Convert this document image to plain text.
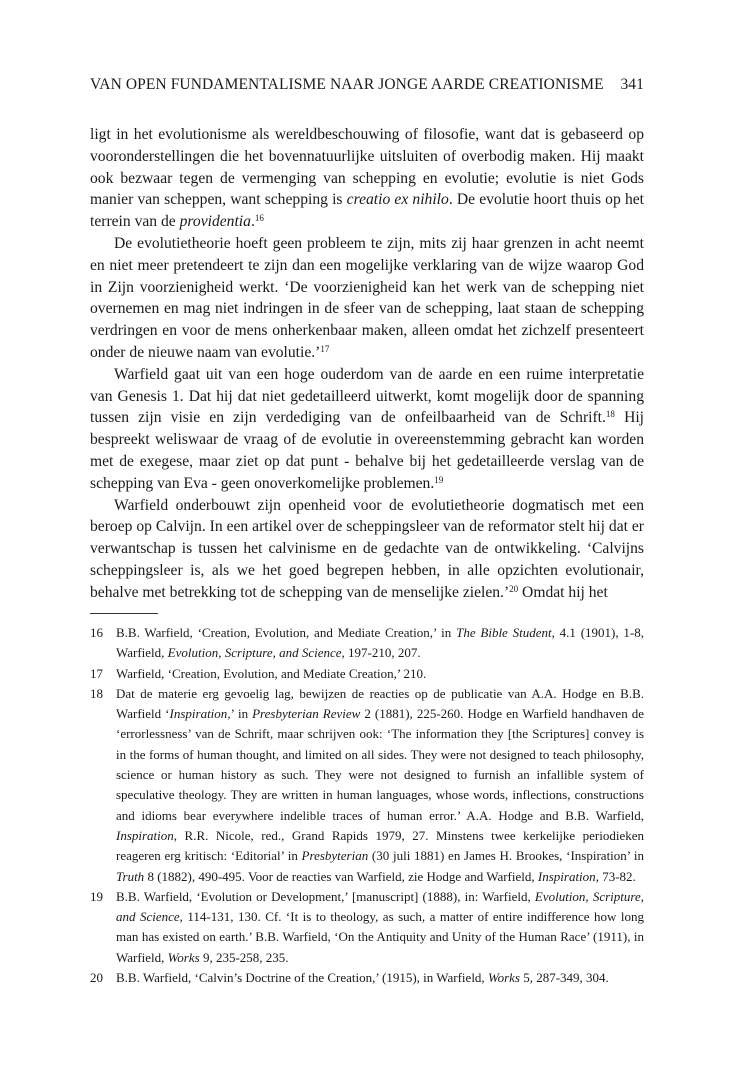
VAN OPEN FUNDAMENTALISME NAAR JONGE AARDE CREATIONISME 341

ligt in het evolutionisme als wereldbeschouwing of filosofie, want dat is gebaseerd op vooronderstellingen die het bovennatuurlijke uitsluiten of overbodig maken. Hij maakt ook bezwaar tegen de vermenging van schepping en evolutie; evolutie is niet Gods manier van scheppen, want schepping is creatio ex nihilo. De evolutie hoort thuis op het terrein van de providentia.$^{16}$

De evolutietheorie hoeft geen probleem te zijn, mits zij haar grenzen in acht neemt en niet meer pretendeert te zijn dan een mogelijke verklaring van de wijze waarop God in Zijn voorzienigheid werkt. ‘De voorzienigheid kan het werk van de schepping niet overnemen en mag niet indringen in de sfeer van de schepping, laat staan de schepping verdringen en voor de mens onherkenbaar maken, alleen omdat het zichzelf presenteert onder de nieuwe naam van evolutie.’$^{17}$

Warfield gaat uit van een hoge ouderdom van de aarde en een ruime interpretatie van Genesis 1. Dat hij dat niet gedetailleerd uitwerkt, komt mogelijk door de spanning tussen zijn visie en zijn verdediging van de onfeilbaarheid van de Schrift.$^{18}$ Hij bespreekt weliswaar de vraag of de evolutie in overeenstemming gebracht kan worden met de exegese, maar ziet op dat punt - behalve bij het gedetailleerde verslag van de schepping van Eva - geen onoverkomelijke problemen.$^{19}$

Warfield onderbouwt zijn openheid voor de evolutietheorie dogmatisch met een beroep op Calvijn. In een artikel over de scheppingsleer van de reformator stelt hij dat er verwantschap is tussen het calvinisme en de gedachte van de ontwikkeling. ‘Calvijns scheppingsleer is, als we het goed begrepen hebben, in alle opzichten evolutionair, behalve met betrekking tot de schepping van de menselijke zielen.’$^{20}$ Omdat hij het

16	B.B. Warfield, ‘Creation, Evolution, and Mediate Creation,’ in The Bible Student, 4.1 (1901), 1-8, Warfield, Evolution, Scripture, and Science, 197-210, 207.
17	Warfield, ‘Creation, Evolution, and Mediate Creation,’ 210.
18	Dat de materie erg gevoelig lag, bewijzen de reacties op de publicatie van A.A. Hodge en B.B. Warfield ‘Inspiration,’ in Presbyterian Review 2 (1881), 225-260. Hodge en Warfield handhaven de ‘errorlessness’ van de Schrift, maar schrijven ook: ‘The information they [the Scriptures] convey is in the forms of human thought, and limited on all sides. They were not designed to teach philosophy, science or human history as such. They were not designed to furnish an infallible system of speculative theology. They are written in human languages, whose words, inflections, constructions and idioms bear everywhere indelible traces of human error.’ A.A. Hodge and B.B. Warfield, Inspiration, R.R. Nicole, red., Grand Rapids 1979, 27. Minstens twee kerkelijke periodieken reageren erg kritisch: ‘Editorial’ in Presbyterian (30 juli 1881) en James H. Brookes, ‘Inspiration’ in Truth 8 (1882), 490-495. Voor de reacties van Warfield, zie Hodge and Warfield, Inspiration, 73-82.
19	B.B. Warfield, ‘Evolution or Development,’ [manuscript] (1888), in: Warfield, Evolution, Scripture, and Science, 114-131, 130. Cf. ‘It is to theology, as such, a matter of entire indifference how long man has existed on earth.’ B.B. Warfield, ‘On the Antiquity and Unity of the Human Race’ (1911), in Warfield, Works 9, 235-258, 235.
20	B.B. Warfield, ‘Calvin’s Doctrine of the Creation,’ (1915), in Warfield, Works 5, 287-349, 304.
